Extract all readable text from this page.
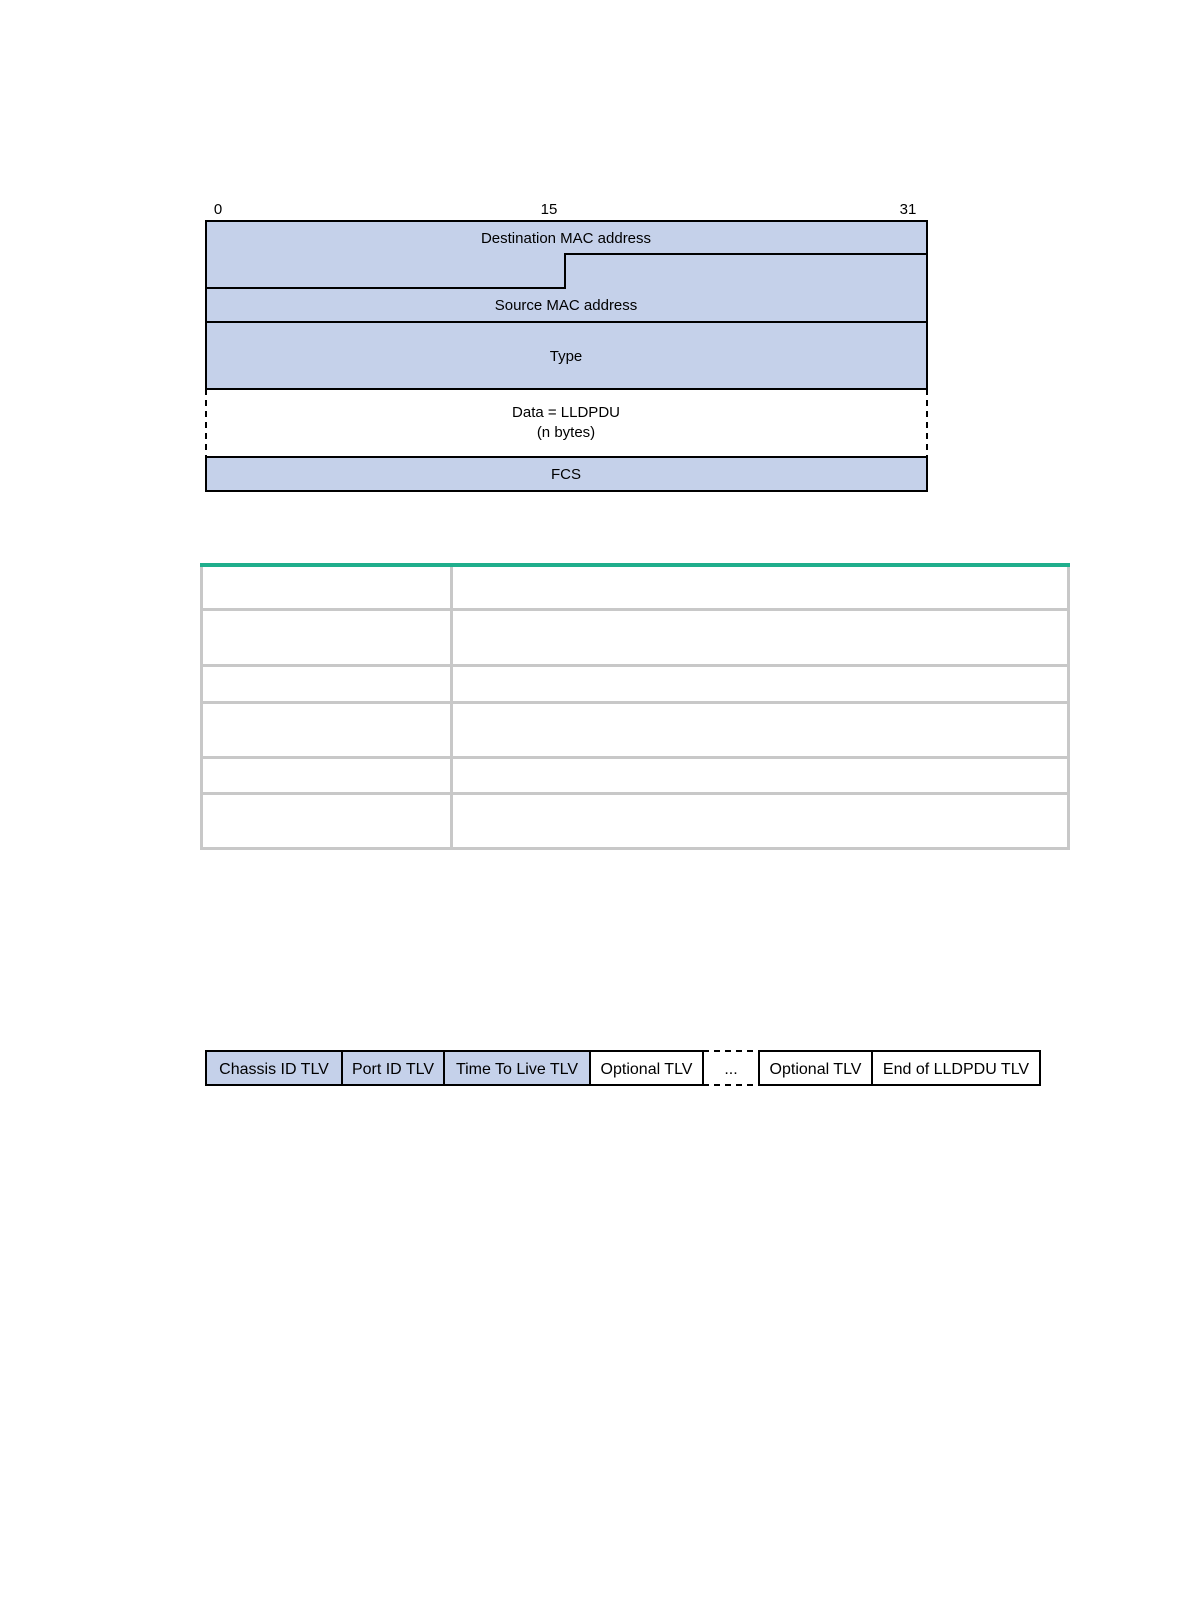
0	15	31
Destination MAC address
Source MAC address
Type
Data = LLDPDU
(n bytes)
FCS

Chassis ID TLV Port ID TLV Time To Live TLV Optional TLV ... Optional TLV End of LLDPDU TLV
